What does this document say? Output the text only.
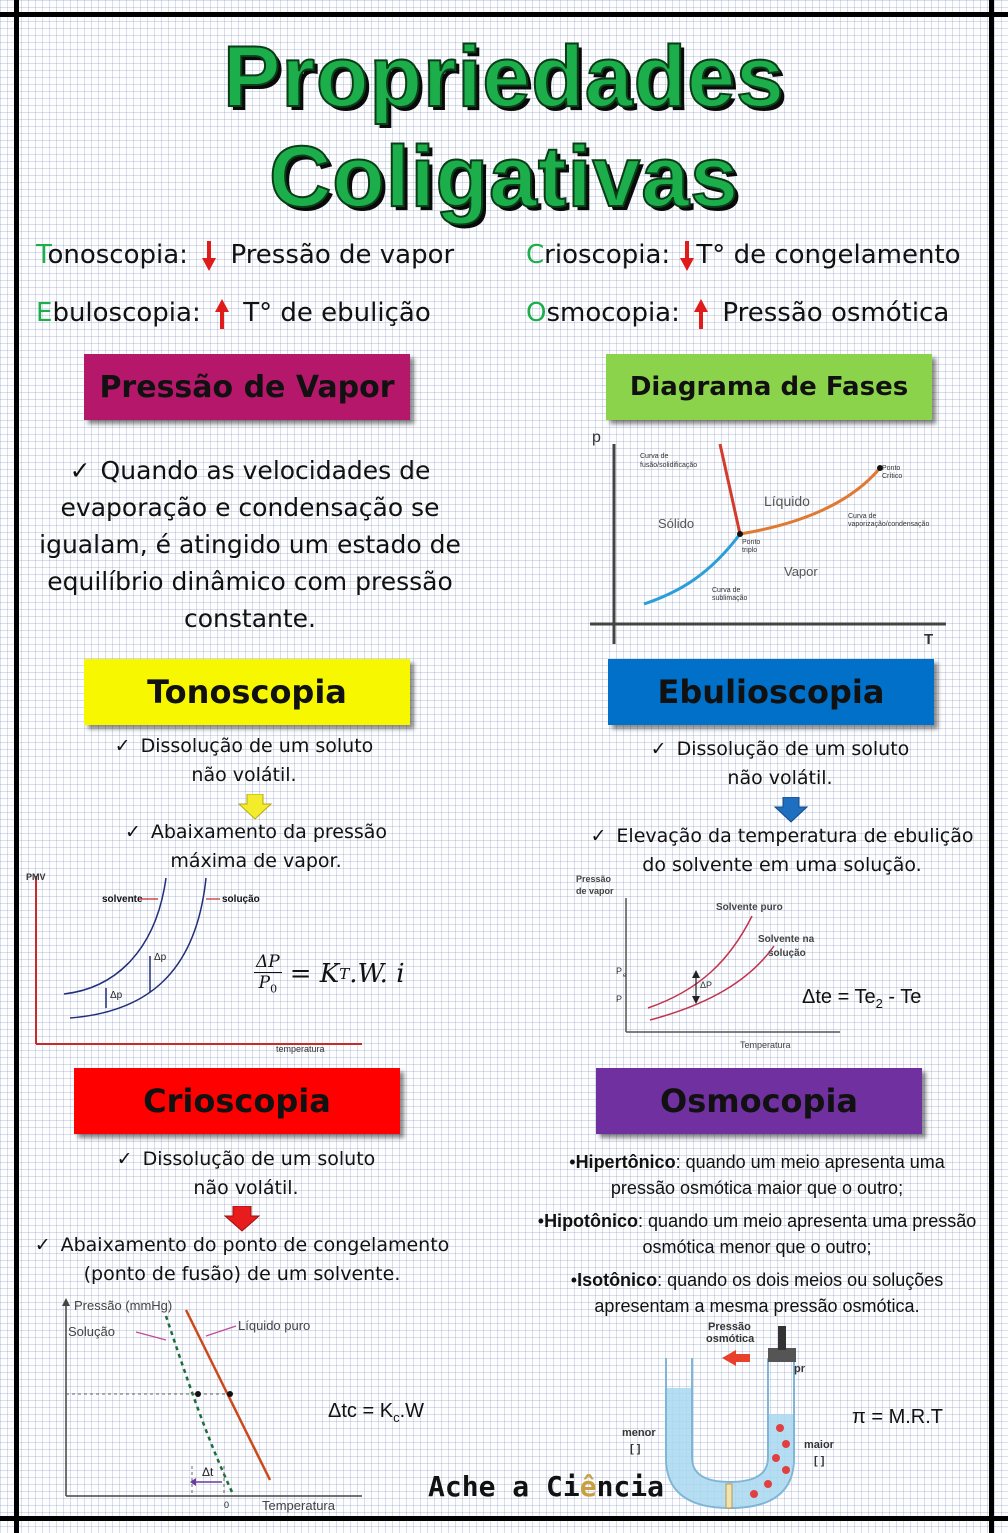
Propriedades
Coligativas
Tonoscopia: Pressão de vapor
Ebuloscopia: T° de ebulição
Crioscopia: T° de congelamento
Osmocopia: Pressão osmótica
Pressão de Vapor
✓ Quando as velocidades de evaporação e condensação se igualam, é atingido um estado de equilíbrio dinâmico com pressão constante.
Diagrama de Fases
p
T
Curva de
fusão/solidificação
Líquido
Sólido
Vapor
Ponto
Crítico
Ponto
triplo
Curva de
vaporização/condensação
Curva de
sublimação
Tonoscopia
✓ Dissolução de um soluto
não volátil.
✓ Abaixamento da pressão
máxima de vapor.
PMV
temperatura
solvente	solução
Δp
Δp
$\frac{\Delta P}{P_0} = K$ T .W. i
Ebulioscopia
✓ Dissolução de um soluto
não volátil.
✓ Elevação da temperatura de ebulição
do solvente em uma solução.
Pressão
de vapor
Temperatura
ΔP
Solvente puro
Solvente na
solução
P e
P	$\Delta te = Te_2 - Te$
Crioscopia
✓ Dissolução de um soluto
não volátil.
✓ Abaixamento do ponto de congelamento
(ponto de fusão) de um solvente.
Pressão (mmHg)
Temperatura
Solução	Líquido puro
Δt
0
$\Delta tc = K_c.W$
Osmocopia
•Hipertônico: quando um meio apresenta uma pressão osmótica maior que o outro;
•Hipotônico: quando um meio apresenta uma pressão osmótica menor que o outro;
•Isotônico: quando os dois meios ou soluções apresentam a mesma pressão osmótica.
Pressão
osmótica
pr
menor
[ ]	maior
[ ]
π = M.R.T
Ache a Ciência
